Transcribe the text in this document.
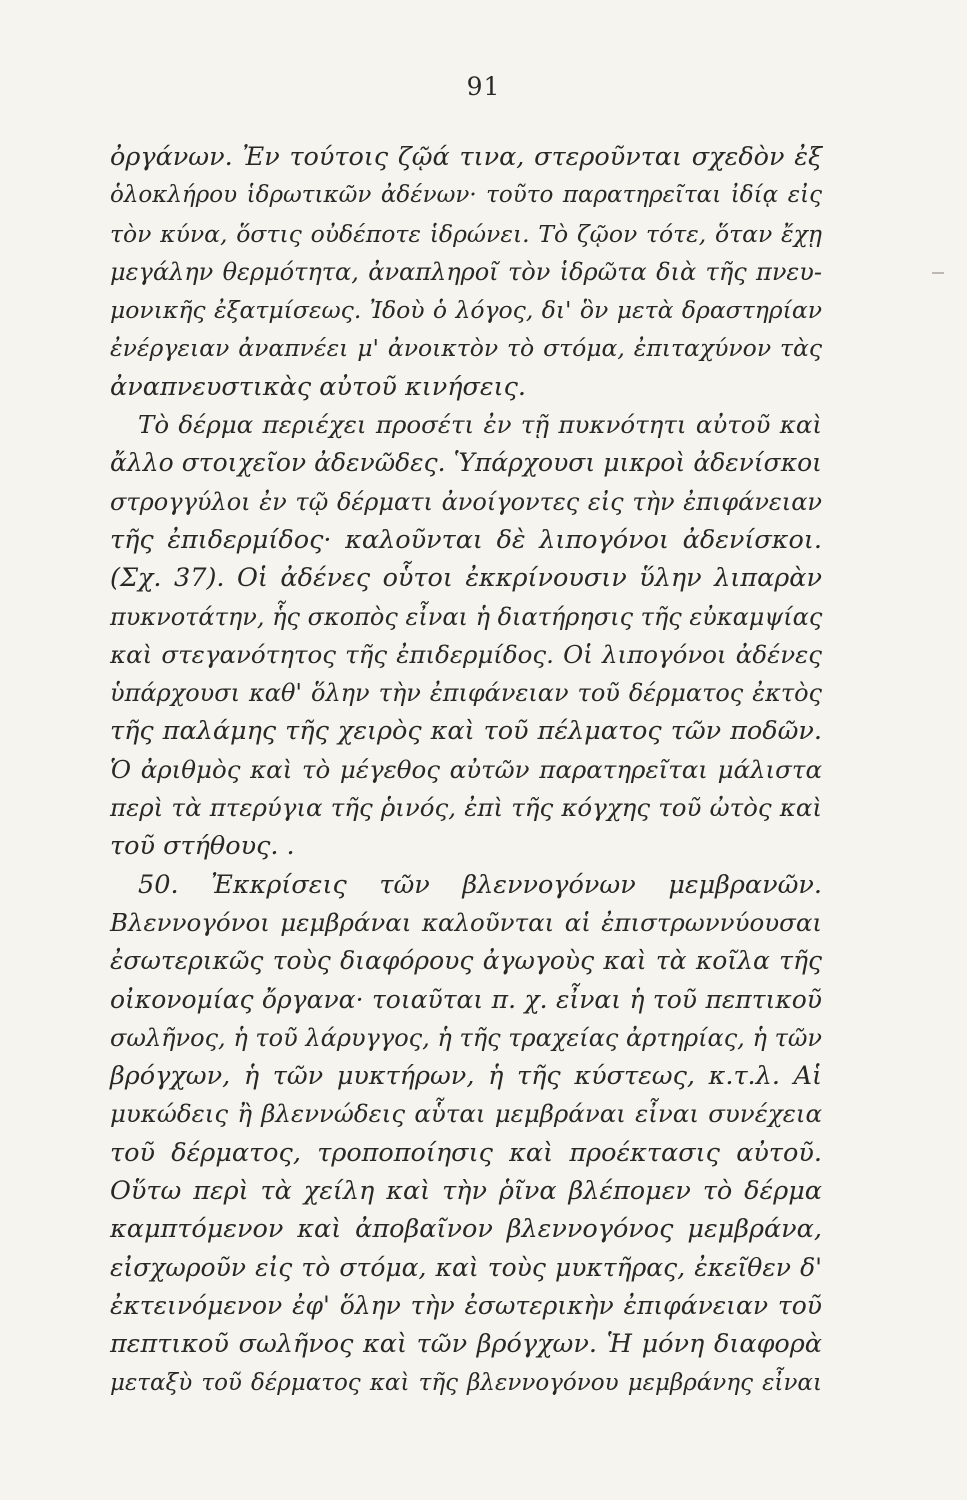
91
ὀργάνων. Ἐν τούτοις ζῷά τινα, στεροῦνται σχεδὸν ἐξ
ὁλοκλήρου ἱδρωτικῶν ἀδένων· τοῦτο παρατηρεῖται ἰδίᾳ εἰς
τὸν κύνα, ὅστις οὐδέποτε ἱδρώνει. Τὸ ζῷον τότε, ὅταν ἔχῃ
μεγάλην θερμότητα, ἀναπληροῖ τὸν ἱδρῶτα διὰ τῆς πνευ-
μονικῆς ἐξατμίσεως. Ἰδοὺ ὁ λόγος, δι' ὃν μετὰ δραστηρίαν
ἐνέργειαν ἀναπνέει μ' ἀνοικτὸν τὸ στόμα, ἐπιταχύνον τὰς
ἀναπνευστικὰς αὐτοῦ κινήσεις.
Τὸ δέρμα περιέχει προσέτι ἐν τῇ πυκνότητι αὐτοῦ καὶ
ἄλλο στοιχεῖον ἀδενῶδες. Ὑπάρχουσι μικροὶ ἀδενίσκοι
στρογγύλοι ἐν τῷ δέρματι ἀνοίγοντες εἰς τὴν ἐπιφάνειαν
τῆς ἐπιδερμίδος· καλοῦνται δὲ λιπογόνοι ἀδενίσκοι.
(Σχ. 37). Οἱ ἀδένες οὗτοι ἐκκρίνουσιν ὕλην λιπαρὰν
πυκνοτάτην, ἧς σκοπὸς εἶναι ἡ διατήρησις τῆς εὐκαμψίας
καὶ στεγανότητος τῆς ἐπιδερμίδος. Οἱ λιπογόνοι ἀδένες
ὑπάρχουσι καθ' ὅλην τὴν ἐπιφάνειαν τοῦ δέρματος ἐκτὸς
τῆς παλάμης τῆς χειρὸς καὶ τοῦ πέλματος τῶν ποδῶν.
Ὁ ἀριθμὸς καὶ τὸ μέγεθος αὐτῶν παρατηρεῖται μάλιστα
περὶ τὰ πτερύγια τῆς ῥινός, ἐπὶ τῆς κόγχης τοῦ ὠτὸς καὶ
τοῦ στήθους. .
50. Ἐκκρίσεις τῶν βλεννογόνων μεμβρανῶν.
Βλεννογόνοι μεμβράναι καλοῦνται αἱ ἐπιστρωννύουσαι
ἐσωτερικῶς τοὺς διαφόρους ἀγωγοὺς καὶ τὰ κοῖλα τῆς
οἰκονομίας ὄργανα· τοιαῦται π. χ. εἶναι ἡ τοῦ πεπτικοῦ
σωλῆνος, ἡ τοῦ λάρυγγος, ἡ τῆς τραχείας ἀρτηρίας, ἡ τῶν
βρόγχων, ἡ τῶν μυκτήρων, ἡ τῆς κύστεως, κ.τ.λ. Αἱ
μυκώδεις ἢ βλεννώδεις αὗται μεμβράναι εἶναι συνέχεια
τοῦ δέρματος, τροποποίησις καὶ προέκτασις αὐτοῦ.
Οὕτω περὶ τὰ χείλη καὶ τὴν ῥῖνα βλέπομεν τὸ δέρμα
καμπτόμενον καὶ ἀποβαῖνον βλεννογόνος μεμβράνα,
εἰσχωροῦν εἰς τὸ στόμα, καὶ τοὺς μυκτῆρας, ἐκεῖθεν δ'
ἐκτεινόμενον ἐφ' ὅλην τὴν ἐσωτερικὴν ἐπιφάνειαν τοῦ
πεπτικοῦ σωλῆνος καὶ τῶν βρόγχων. Ἡ μόνη διαφορὰ
μεταξὺ τοῦ δέρματος καὶ τῆς βλεννογόνου μεμβράνης εἶναι
